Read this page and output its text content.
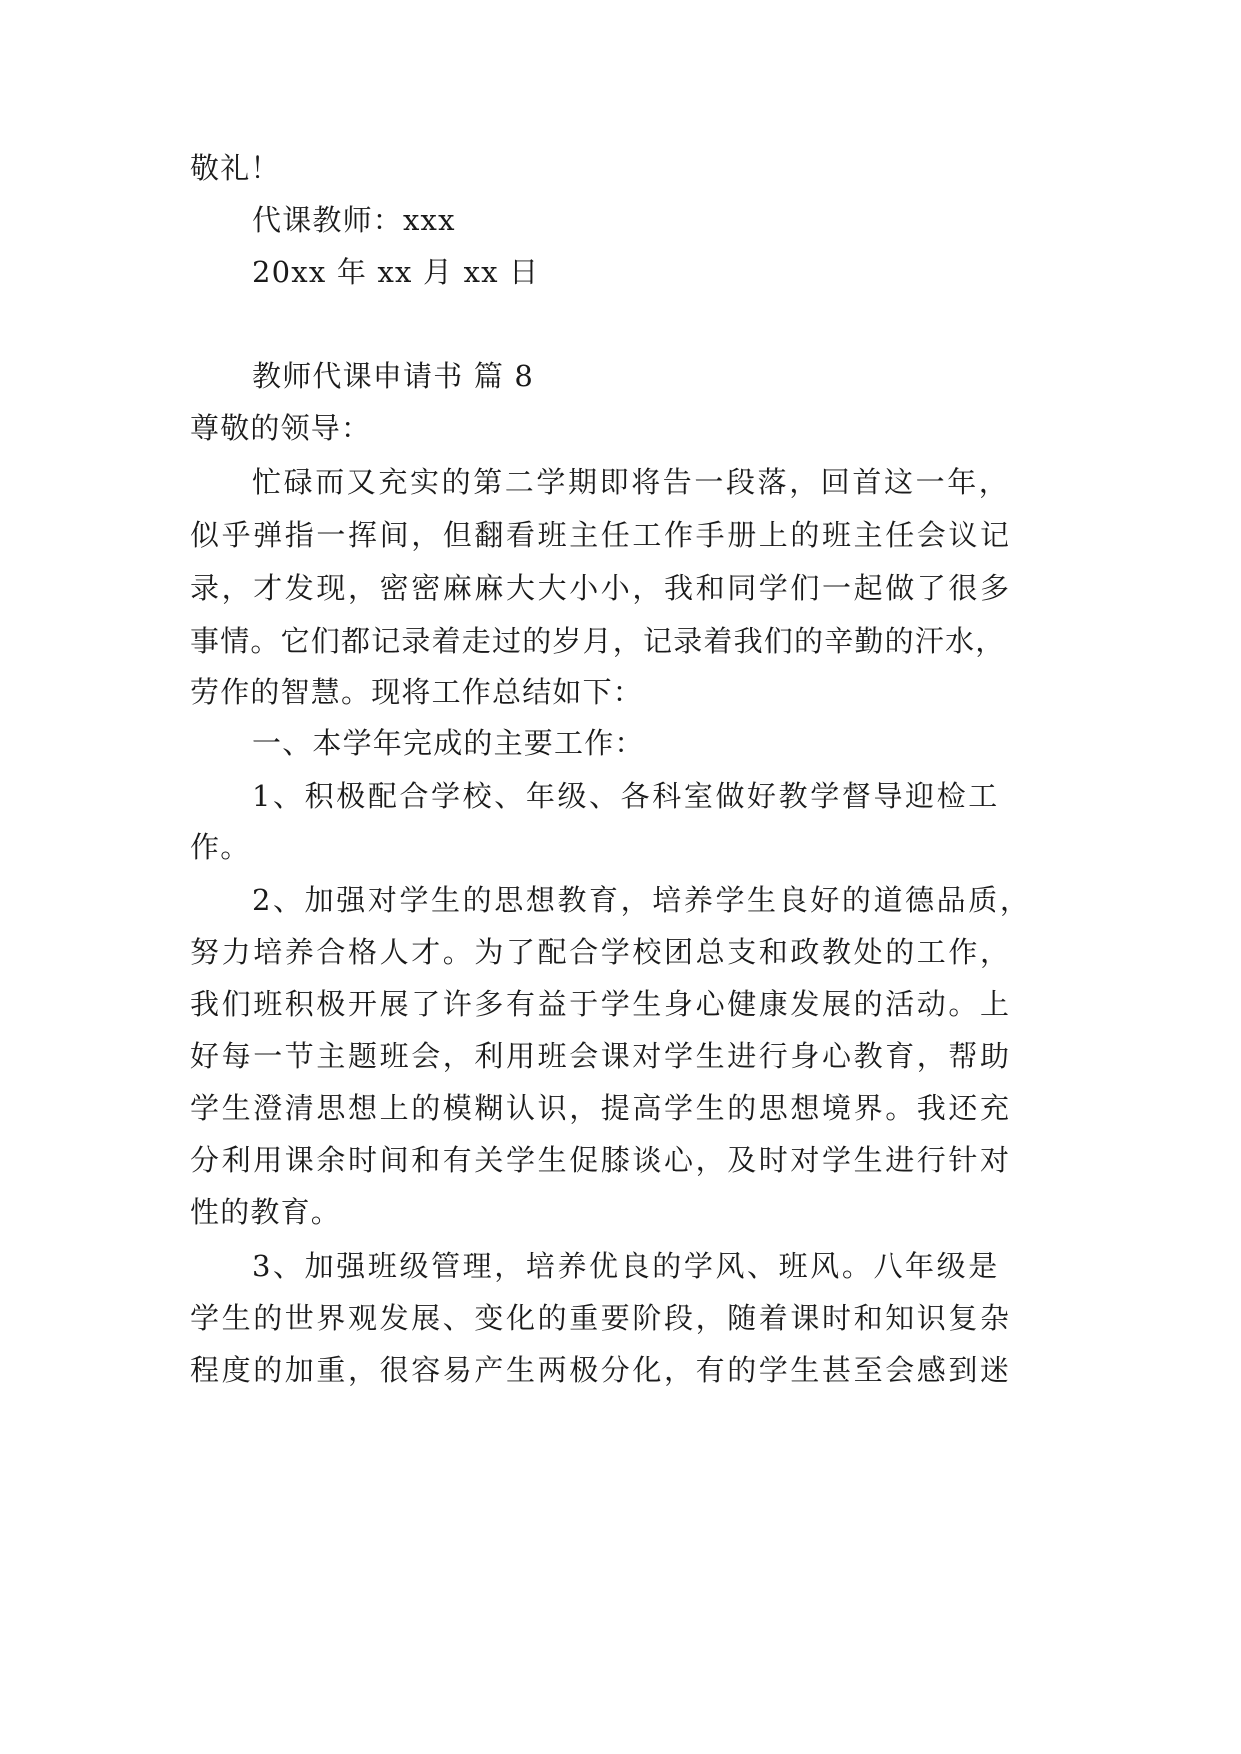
敬礼！
代课教师：xxx
20xx 年 xx 月 xx 日
教师代课申请书 篇 8
尊敬的领导：
忙碌而又充实的第二学期即将告一段落，回首这一年，
似乎弹指一挥间，但翻看班主任工作手册上的班主任会议记
录，才发现，密密麻麻大大小小，我和同学们一起做了很多
事情。它们都记录着走过的岁月，记录着我们的辛勤的汗水，
劳作的智慧。现将工作总结如下：
一、本学年完成的主要工作：
1、积极配合学校、年级、各科室做好教学督导迎检工
作。
2、加强对学生的思想教育，培养学生良好的道德品质，
努力培养合格人才。为了配合学校团总支和政教处的工作，
我们班积极开展了许多有益于学生身心健康发展的活动。上
好每一节主题班会，利用班会课对学生进行身心教育，帮助
学生澄清思想上的模糊认识，提高学生的思想境界。我还充
分利用课余时间和有关学生促膝谈心，及时对学生进行针对
性的教育。
3、加强班级管理，培养优良的学风、班风。八年级是
学生的世界观发展、变化的重要阶段，随着课时和知识复杂
程度的加重，很容易产生两极分化，有的学生甚至会感到迷
